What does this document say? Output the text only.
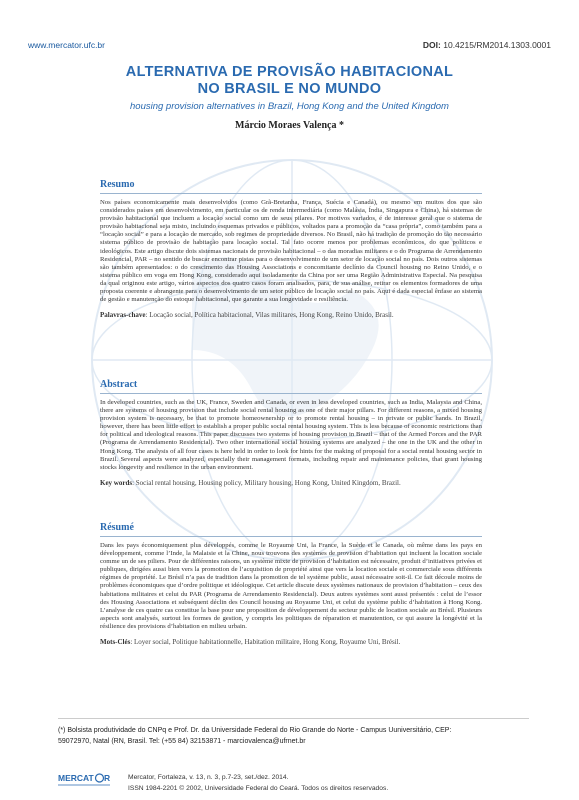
www.mercator.ufc.br	DOI: 10.4215/RM2014.1303.0001
ALTERNATIVA DE PROVISÃO HABITACIONAL
NO BRASIL E NO MUNDO
housing provision alternatives in Brazil, Hong Kong and the United Kingdom
Márcio Moraes Valença *
Resumo
Nos países economicamente mais desenvolvidos (como Grã-Bretanha, França, Suécia e Canadá), ou mesmo em muitos dos que são considerados países em desenvolvimento, em particular os de renda intermediária (como Malásia, Índia, Singapura e China), há sistemas de provisão habitacional que incluem a locação social como um de seus pilares. Por motivos variados, é de interesse geral que o sistema de provisão habitacional seja misto, incluindo esquemas privados e públicos, voltados para a promoção da “casa própria”, como também para a “locação social” e para a locação de mercado, sob regimes de propriedade diversos. No Brasil, não há tradição de promoção do tão necessário sistema público de provisão de habitação para locação social. Tal fato ocorre menos por problemas econômicos, do que políticos e ideológicos. Este artigo discute dois sistemas nacionais de provisão habitacional – o das moradias militares e o do Programa de Arrendamento Residencial, PAR – no sentido de buscar encontrar pistas para o desenvolvimento de um setor de locação social no país. Dois outros sistemas são também apresentados: o do crescimento das Housing Associations e concomitante declínio da Council housing no Reino Unido, e o sistema público em voga em Hong Kong, considerado aqui isoladamente da China por ser uma Região Administrativa Especial. Na pesquisa da qual originou este artigo, vários aspectos dos quatro casos foram analisados, para, de sua análise, retirar os elementos formadores de uma proposta coerente e abrangente para o desenvolvimento de um setor público de locação social no país. Aqui é dada especial ênfase ao sistema de gestão e manutenção do estoque habitacional, que garante a sua longevidade e resiliência.
Palavras-chave: Locação social, Política habitacional, Vilas militares, Hong Kong, Reino Unido, Brasil.
Abstract
In developed countries, such as the UK, France, Sweden and Canada, or even in less developed countries, such as India, Malaysia and China, there are systems of housing provision that include social rental housing as one of their major pillars. For different reasons, a mixed housing provision system is necessary, be that to promote homeownership or to promote rental housing – in private or public hands. In Brazil, however, there has been little effort to establish a proper public social rental housing system. This is less because of economic restrictions than for political and ideological reasons. This paper discusses two systems of housing provision in Brazil – that of the Armed Forces and the PAR (Programa de Arrendamento Residencial). Two other international social housing systems are analyzed – the one in the UK and the other in Hong Kong. The analysis of all four cases is here held in order to look for hints for the making of proposal for a social rental housing sector in Brazil. Several aspects were analyzed, especially their management formats, including repair and maintenance policies, that grant housing stocks longevity and resilience in the urban environment.
Key words: Social rental housing, Housing policy, Military housing, Hong Kong, United Kingdom, Brazil.
Résumé
Dans les pays économiquement plus développés, comme le Royaume Uni, la France, la Suède et le Canada, où même dans les pays en développement, comme l’Inde, la Malaisie et la Chine, nous trouvons des systèmes de provision d’habitation qui incluent la location sociale comme un de ses piliers. Pour de différentes raisons, un système mixte de provision d’habitation est nécessaire, produit d’initiatives privées et publiques, dirigées aussi bien vers la promotion de l’acquisition de propriété ainsi que vers la location sociale et commerciale sous différents régimes de propriété. Le Brésil n’a pas de tradition dans la promotion de tel système public, aussi nécessaire soit-il. Ce fait découle moins de problèmes économiques que d’ordre politique et idéologique. Cet article discute deux systèmes nationaux de provision d’habitation – ceux des habitations militaires et celui du PAR (Programa de Arrendamento Residencial). Deux autres systèmes sont aussi présentés : celui de l’essor des Housing Associations et subséquent déclin des Council housing au Royaume Uni, et celui du système public d’habitation à Hong Kong. L’analyse de ces quatre cas constitue la base pour une proposition de développement du secteur public de location sociale au Brésil. Plusieurs aspects sont analysés, surtout les formes de gestion, y compris les politiques de réparation et manutention, ce qui assure la longévité et la résilience des provisions d’habitation en milieu urbain.
Mots-Clés: Loyer social, Politique habitationnelle, Habitation militaire, Hong Kong, Royaume Uni, Brésil.
(*) Bolsista produtividade do CNPq e Prof. Dr. da Universidade Federal do Rio Grande do Norte - Campus Uuniversitário, CEP:
59072970, Natal (RN, Brasil. Tel: (+55 84) 32153871 - marciovalenca@ufrnet.br
MERCAT R	Mercator, Fortaleza, v. 13, n. 3, p.7-23, set./dez. 2014.
ISSN 1984-2201 © 2002, Universidade Federal do Ceará. Todos os direitos reservados.
